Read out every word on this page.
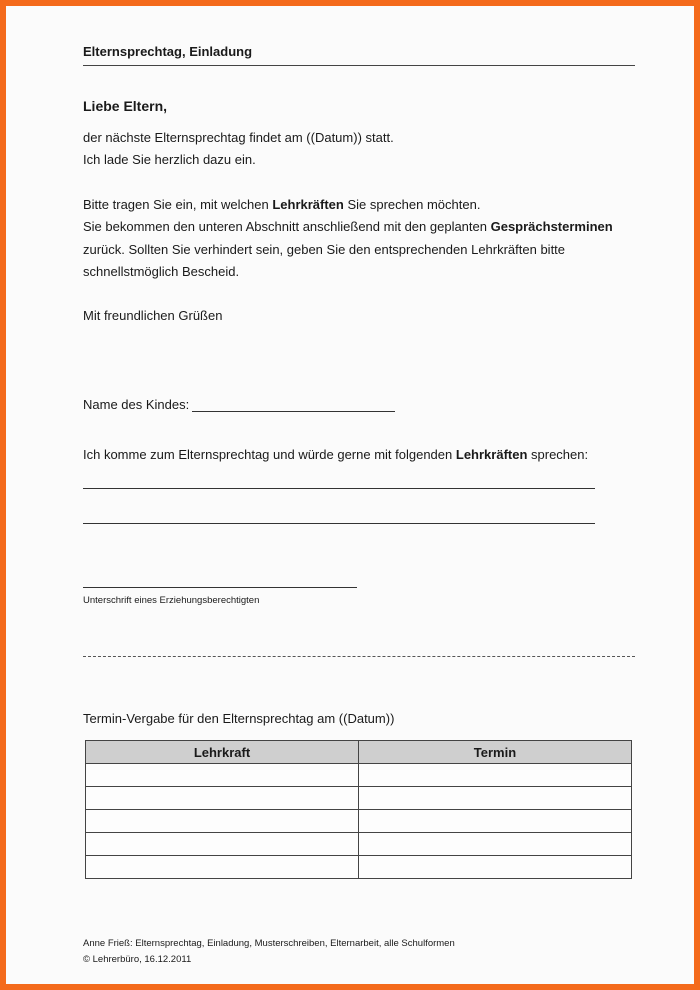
Elternsprechtag, Einladung
Liebe Eltern,

der nächste Elternsprechtag findet am ((Datum)) statt.

Ich lade Sie herzlich dazu ein.

Bitte tragen Sie ein, mit welchen Lehrkräften Sie sprechen möchten.

Sie bekommen den unteren Abschnitt anschließend mit den geplanten Gesprächsterminen

zurück. Sollten Sie verhindert sein, geben Sie den entsprechenden Lehrkräften bitte

schnellstmöglich Bescheid.

Mit freundlichen Grüßen

Name des Kindes:
Ich komme zum Elternsprechtag und würde gerne mit folgenden Lehrkräften sprechen:
Unterschrift eines Erziehungsberechtigten
Termin-Vergabe für den Elternsprechtag am ((Datum))
Lehrkraft	Termin

Anne Frieß: Elternsprechtag, Einladung, Musterschreiben, Elternarbeit, alle Schulformen

© Lehrerbüro, 16.12.2011
